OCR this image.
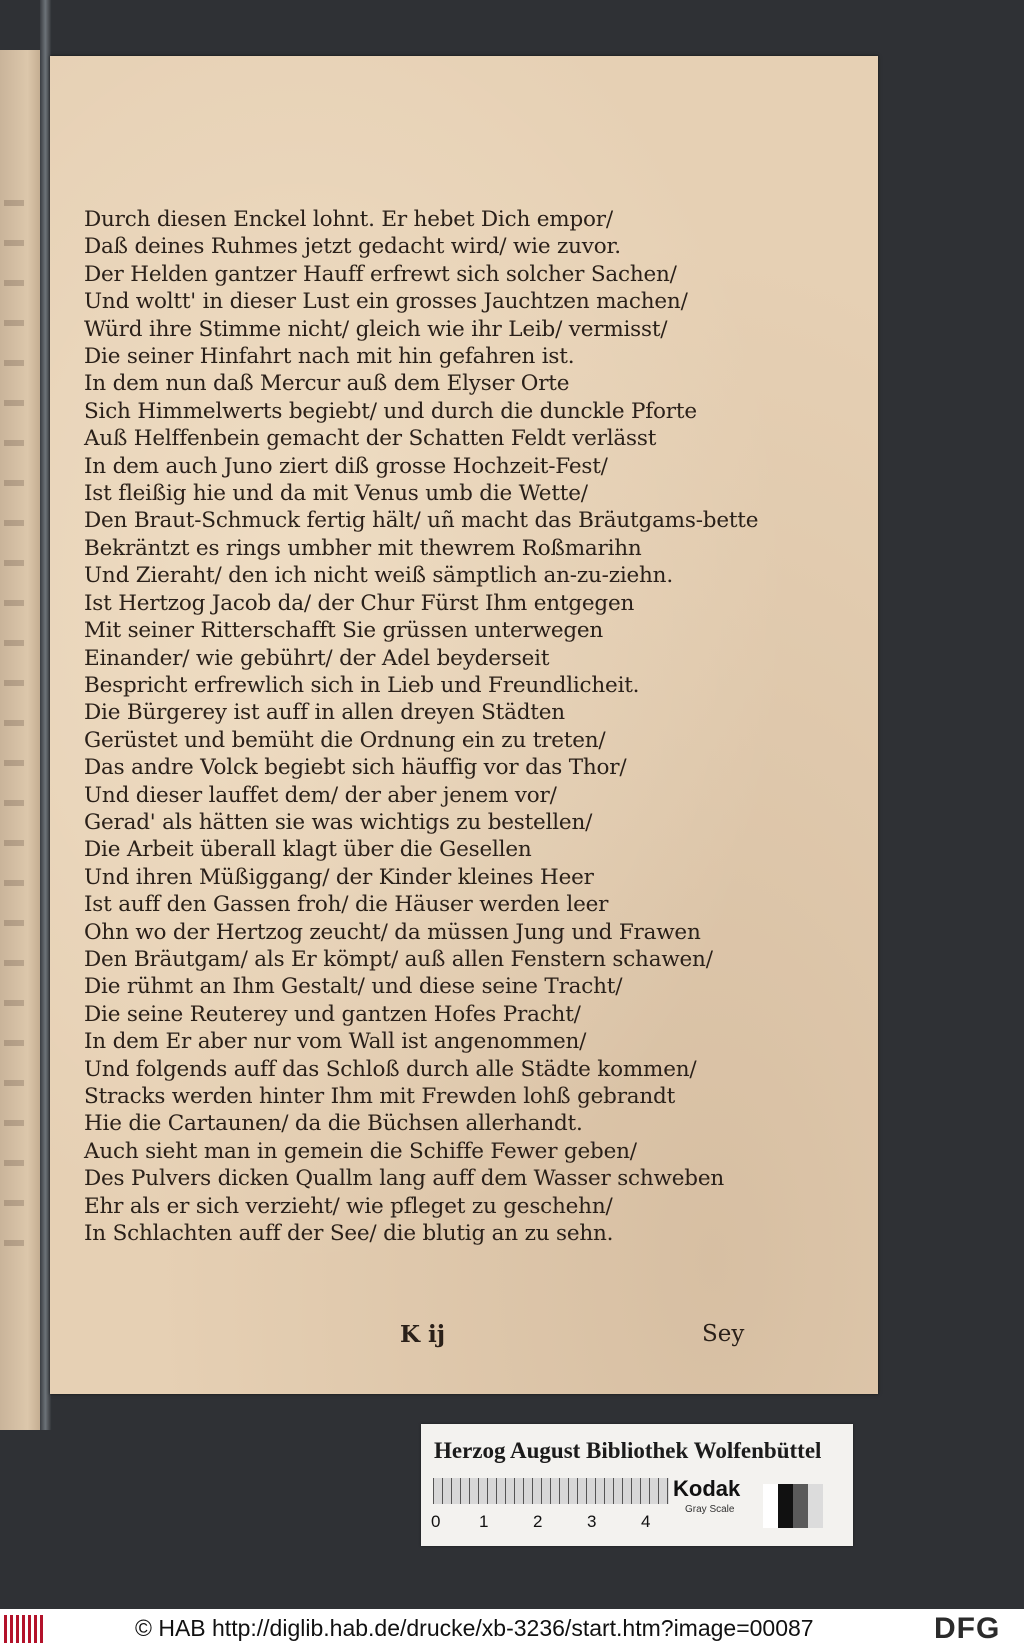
Durch diesen Enckel lohnt. Er hebet Dich empor/
Daß deines Ruhmes jetzt gedacht wird/ wie zuvor.
Der Helden gantzer Hauff erfrewt sich solcher Sachen/
Und woltt' in dieser Lust ein grosses Jauchtzen machen/
Würd ihre Stimme nicht/ gleich wie ihr Leib/ vermisst/
Die seiner Hinfahrt nach mit hin gefahren ist.
In dem nun daß Mercur auß dem Elyser Orte
Sich Himmelwerts begiebt/ und durch die dunckle Pforte
Auß Helffenbein gemacht der Schatten Feldt verlässt
In dem auch Juno ziert diß grosse Hochzeit-Fest/
Ist fleißig hie und da mit Venus umb die Wette/
Den Braut-Schmuck fertig hält/ uñ macht das Bräutgams-bette
Bekräntzt es rings umbher mit thewrem Roßmarihn
Und Zieraht/ den ich nicht weiß sämptlich an-zu-ziehn.
Ist Hertzog Jacob da/ der Chur Fürst Ihm entgegen
Mit seiner Ritterschafft Sie grüssen unterwegen
Einander/ wie gebührt/ der Adel beyderseit
Bespricht erfrewlich sich in Lieb und Freundlicheit.
Die Bürgerey ist auff in allen dreyen Städten
Gerüstet und bemüht die Ordnung ein zu treten/
Das andre Volck begiebt sich häuffig vor das Thor/
Und dieser lauffet dem/ der aber jenem vor/
Gerad' als hätten sie was wichtigs zu bestellen/
Die Arbeit überall klagt über die Gesellen
Und ihren Müßiggang/ der Kinder kleines Heer
Ist auff den Gassen froh/ die Häuser werden leer
Ohn wo der Hertzog zeucht/ da müssen Jung und Frawen
Den Bräutgam/ als Er kömpt/ auß allen Fenstern schawen/
Die rühmt an Ihm Gestalt/ und diese seine Tracht/
Die seine Reuterey und gantzen Hofes Pracht/
In dem Er aber nur vom Wall ist angenommen/
Und folgends auff das Schloß durch alle Städte kommen/
Stracks werden hinter Ihm mit Frewden lohß gebrandt
Hie die Cartaunen/ da die Büchsen allerhandt.
Auch sieht man in gemein die Schiffe Fewer geben/
Des Pulvers dicken Quallm lang auff dem Wasser schweben
Ehr als er sich verzieht/ wie pfleget zu geschehn/
In Schlachten auff der See/ die blutig an zu sehn.
K ij	Sey
Herzog August Bibliothek Wolfenbüttel
0 1	2	3	4
Kodak
Gray Scale
© HAB http://diglib.hab.de/drucke/xb-3236/start.htm?image=00087	DFG
